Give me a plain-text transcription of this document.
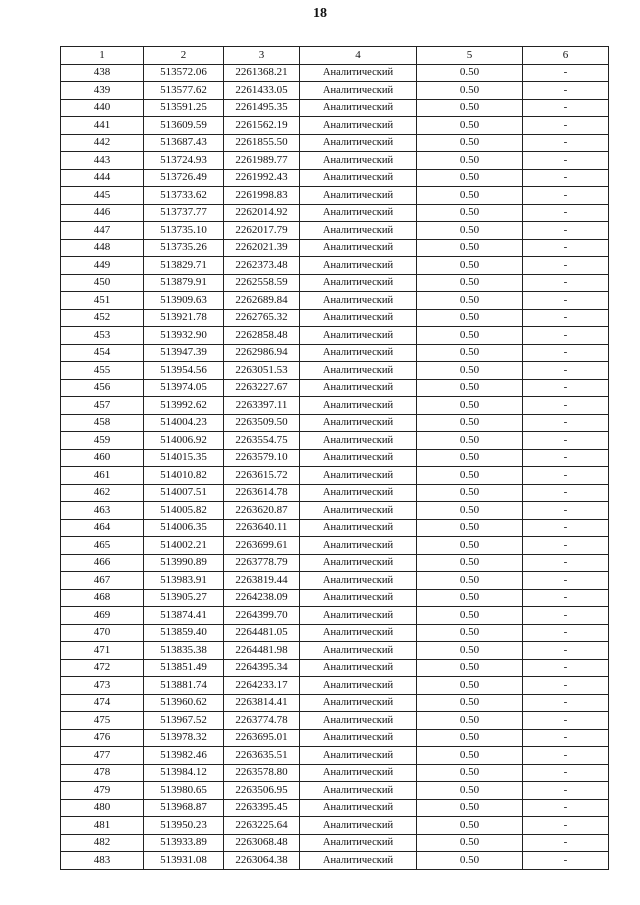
18
1	2	3	4	5	6
438	513572.06	2261368.21	Аналитический	0.50	-
439	513577.62	2261433.05	Аналитический	0.50	-
440	513591.25	2261495.35	Аналитический	0.50	-
441	513609.59	2261562.19	Аналитический	0.50	-
442	513687.43	2261855.50	Аналитический	0.50	-
443	513724.93	2261989.77	Аналитический	0.50	-
444	513726.49	2261992.43	Аналитический	0.50	-
445	513733.62	2261998.83	Аналитический	0.50	-
446	513737.77	2262014.92	Аналитический	0.50	-
447	513735.10	2262017.79	Аналитический	0.50	-
448	513735.26	2262021.39	Аналитический	0.50	-
449	513829.71	2262373.48	Аналитический	0.50	-
450	513879.91	2262558.59	Аналитический	0.50	-
451	513909.63	2262689.84	Аналитический	0.50	-
452	513921.78	2262765.32	Аналитический	0.50	-
453	513932.90	2262858.48	Аналитический	0.50	-
454	513947.39	2262986.94	Аналитический	0.50	-
455	513954.56	2263051.53	Аналитический	0.50	-
456	513974.05	2263227.67	Аналитический	0.50	-
457	513992.62	2263397.11	Аналитический	0.50	-
458	514004.23	2263509.50	Аналитический	0.50	-
459	514006.92	2263554.75	Аналитический	0.50	-
460	514015.35	2263579.10	Аналитический	0.50	-
461	514010.82	2263615.72	Аналитический	0.50	-
462	514007.51	2263614.78	Аналитический	0.50	-
463	514005.82	2263620.87	Аналитический	0.50	-
464	514006.35	2263640.11	Аналитический	0.50	-
465	514002.21	2263699.61	Аналитический	0.50	-
466	513990.89	2263778.79	Аналитический	0.50	-
467	513983.91	2263819.44	Аналитический	0.50	-
468	513905.27	2264238.09	Аналитический	0.50	-
469	513874.41	2264399.70	Аналитический	0.50	-
470	513859.40	2264481.05	Аналитический	0.50	-
471	513835.38	2264481.98	Аналитический	0.50	-
472	513851.49	2264395.34	Аналитический	0.50	-
473	513881.74	2264233.17	Аналитический	0.50	-
474	513960.62	2263814.41	Аналитический	0.50	-
475	513967.52	2263774.78	Аналитический	0.50	-
476	513978.32	2263695.01	Аналитический	0.50	-
477	513982.46	2263635.51	Аналитический	0.50	-
478	513984.12	2263578.80	Аналитический	0.50	-
479	513980.65	2263506.95	Аналитический	0.50	-
480	513968.87	2263395.45	Аналитический	0.50	-
481	513950.23	2263225.64	Аналитический	0.50	-
482	513933.89	2263068.48	Аналитический	0.50	-
483	513931.08	2263064.38	Аналитический	0.50	-
